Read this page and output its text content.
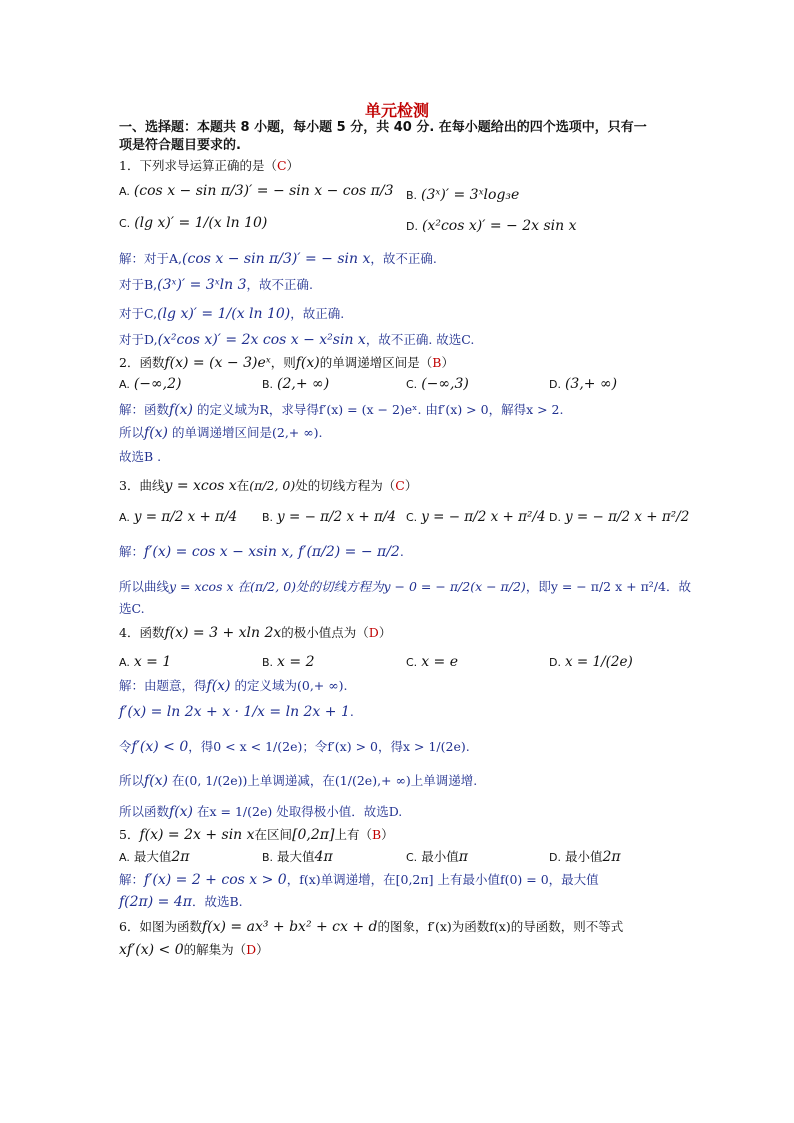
单元检测
一、选择题：本题共 8 小题，每小题 5 分，共 40 分. 在每小题给出的四个选项中，只有一
项是符合题目要求的.
1．下列求导运算正确的是（C）
A. (cos x − sin π/3)′ = − sin x − cos π/3 B. (3ˣ)′ = 3ˣlog₃e
C. (lg x)′ = 1/(x ln 10)	D. (x²cos x)′ = − 2x sin x
解：对于A,(cos x − sin π/3)′ = − sin x，故不正确.
对于B,(3ˣ)′ = 3ˣln 3，故不正确.
对于C,(lg x)′ = 1/(x ln 10)，故正确.
对于D,(x²cos x)′ = 2x cos x − x²sin x，故不正确. 故选C.
2．函数f(x) = (x − 3)eˣ，则f(x)的单调递增区间是（B）
A. (−∞,2)	B. (2,+ ∞)	C. (−∞,3)	D. (3,+ ∞)
解：函数f(x) 的定义域为R，求导得f′(x) = (x − 2)eˣ. 由f′(x) > 0，解得x > 2.
所以f(x) 的单调递增区间是(2,+ ∞).
故选B .
3．曲线y = xcos x在(π/2, 0)处的切线方程为（C）
A. y = π/2 x + π/4 B. y = − π/2 x + π/4 C. y = − π/2 x + π²/4 D. y = − π/2 x + π²/2
解：f′(x) = cos x − xsin x, f′(π/2) = − π/2.
所以曲线y = xcos x 在(π/2, 0)处的切线方程为y − 0 = − π/2(x − π/2)，即y = − π/2 x + π²/4．故
选C.
4．函数f(x) = 3 + xln 2x的极小值点为（D）
A. x = 1	B. x = 2	C. x = e	D. x = 1/(2e)
解：由题意，得f(x) 的定义域为(0,+ ∞).
f′(x) = ln 2x + x · 1/x = ln 2x + 1.
令f′(x) < 0，得0 < x < 1/(2e)；令f′(x) > 0，得x > 1/(2e).
所以f(x) 在(0, 1/(2e))上单调递减，在(1/(2e),+ ∞)上单调递增.
所以函数f(x) 在x = 1/(2e) 处取得极小值．故选D.
5．f(x) = 2x + sin x在区间[0,2π]上有（B）
A. 最大值2π	B. 最大值4π	C. 最小值π	D. 最小值2π
解：f′(x) = 2 + cos x > 0，f(x)单调递增，在[0,2π] 上有最小值f(0) = 0，最大值
f(2π) = 4π．故选B.
6．如图为函数f(x) = ax³ + bx² + cx + d的图象，f′(x)为函数f(x)的导函数，则不等式
xf′(x) < 0的解集为（D）
